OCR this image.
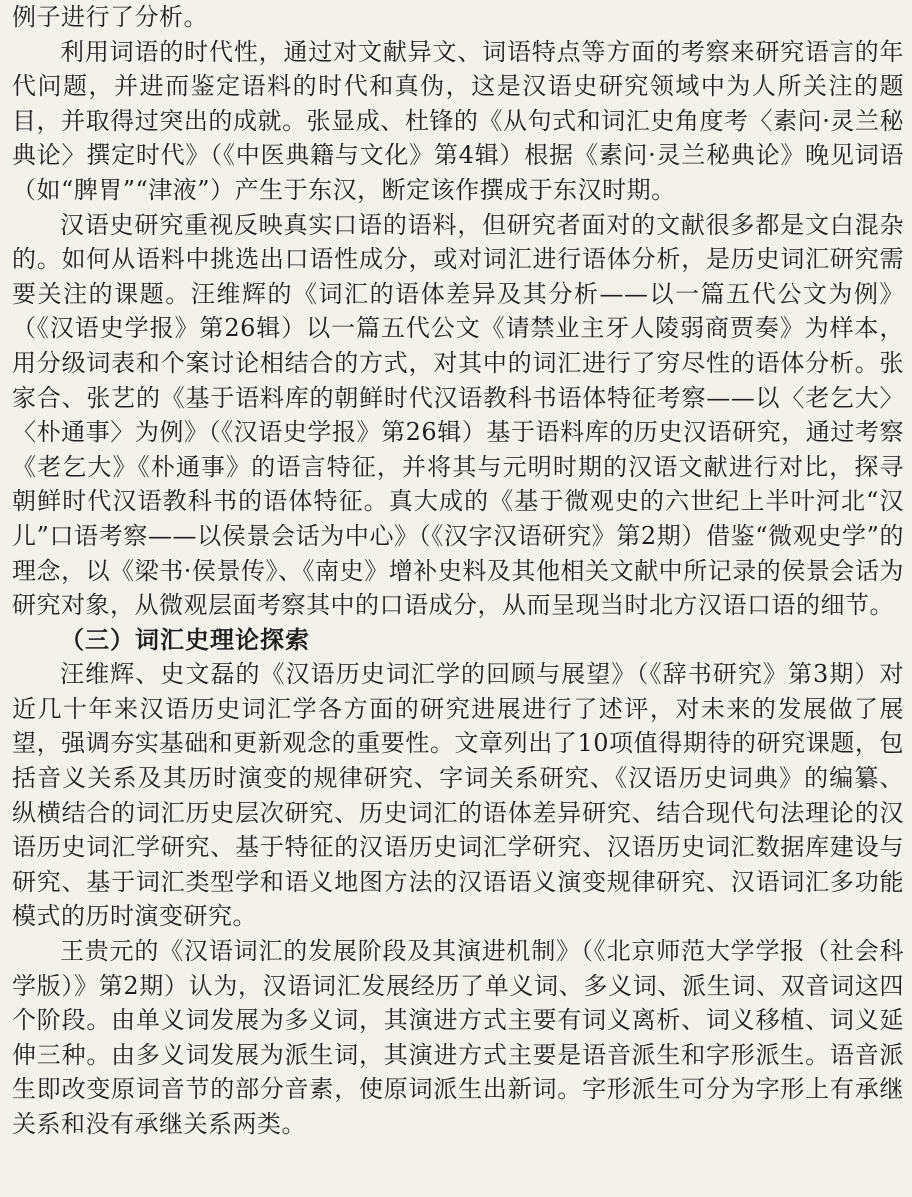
例子进行了分析。

利用词语的时代性，通过对文献异文、词语特点等方面的考察来研究语言的年代问题，并进而鉴定语料的时代和真伪，这是汉语史研究领域中为人所关注的题目，并取得过突出的成就。张显成、杜锋的《从句式和词汇史角度考〈素问·灵兰秘典论〉撰定时代》（《中医典籍与文化》第4辑）根据《素问·灵兰秘典论》晚见词语（如“脾胃”“津液”）产生于东汉，断定该作撰成于东汉时期。

汉语史研究重视反映真实口语的语料，但研究者面对的文献很多都是文白混杂的。如何从语料中挑选出口语性成分，或对词汇进行语体分析，是历史词汇研究需要关注的课题。汪维辉的《词汇的语体差异及其分析——以一篇五代公文为例》（《汉语史学报》第26辑）以一篇五代公文《请禁业主牙人陵弱商贾奏》为样本，用分级词表和个案讨论相结合的方式，对其中的词汇进行了穷尽性的语体分析。张家合、张艺的《基于语料库的朝鲜时代汉语教科书语体特征考察——以〈老乞大〉〈朴通事〉为例》（《汉语史学报》第26辑）基于语料库的历史汉语研究，通过考察《老乞大》《朴通事》的语言特征，并将其与元明时期的汉语文献进行对比，探寻朝鲜时代汉语教科书的语体特征。真大成的《基于微观史的六世纪上半叶河北“汉儿”口语考察——以侯景会话为中心》（《汉字汉语研究》第2期）借鉴“微观史学”的理念，以《梁书·侯景传》、《南史》增补史料及其他相关文献中所记录的侯景会话为研究对象，从微观层面考察其中的口语成分，从而呈现当时北方汉语口语的细节。

（三）词汇史理论探索

汪维辉、史文磊的《汉语历史词汇学的回顾与展望》（《辞书研究》第3期）对近几十年来汉语历史词汇学各方面的研究进展进行了述评，对未来的发展做了展望，强调夯实基础和更新观念的重要性。文章列出了10项值得期待的研究课题，包括音义关系及其历时演变的规律研究、字词关系研究、《汉语历史词典》的编纂、纵横结合的词汇历史层次研究、历史词汇的语体差异研究、结合现代句法理论的汉语历史词汇学研究、基于特征的汉语历史词汇学研究、汉语历史词汇数据库建设与研究、基于词汇类型学和语义地图方法的汉语语义演变规律研究、汉语词汇多功能模式的历时演变研究。

王贵元的《汉语词汇的发展阶段及其演进机制》（《北京师范大学学报（社会科学版）》第2期）认为，汉语词汇发展经历了单义词、多义词、派生词、双音词这四个阶段。由单义词发展为多义词，其演进方式主要有词义离析、词义移植、词义延伸三种。由多义词发展为派生词，其演进方式主要是语音派生和字形派生。语音派生即改变原词音节的部分音素，使原词派生出新词。字形派生可分为字形上有承继关系和没有承继关系两类。
